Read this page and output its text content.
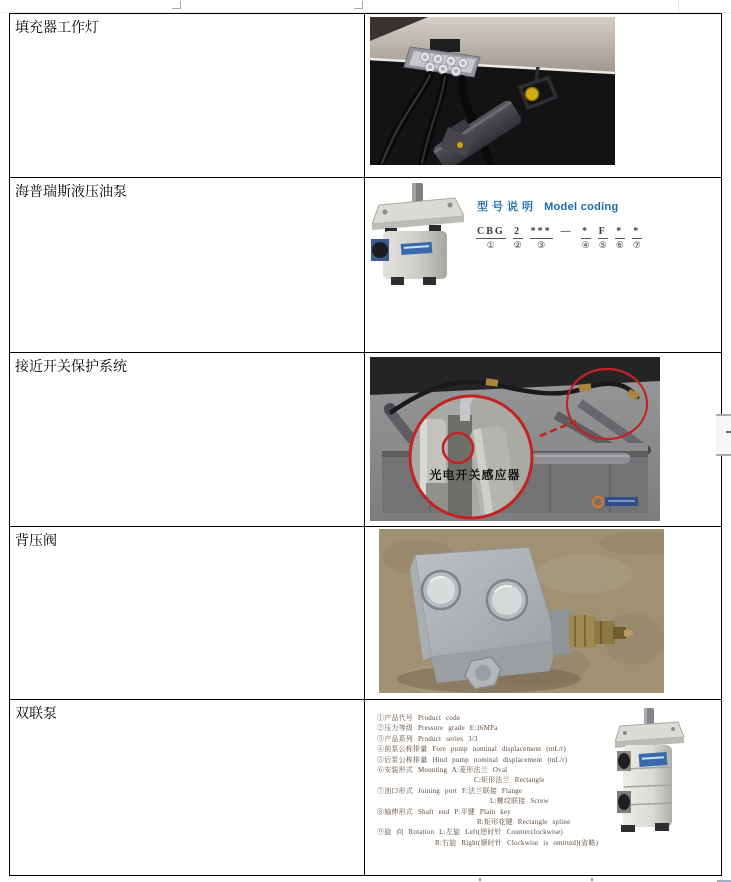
填充器工作灯
海普瑞斯液压油泵
型号说明 Model coding
CBG
①
2
②
***
③
— *
④
F
⑤
*
⑥
*
⑦
接近开关保护系统
光电开关感应器
背压阀
双联泵	①产品代号 Product code
②压力等级 Pressure grade E:16MPa
③产品系列 Product series 3/3
④前泵公称排量 Fore pump nominal displacement (mL/r)
⑤后泵公称排量 Hind pump nominal displacement (mL/r)
⑥安装形式 Mounting A:菱形法兰 Oval
C:矩形法兰 Rectangle
⑦油口形式 Joining port F:法兰联接 Flange
L:螺纹联接 Screw
⑧轴伸形式 Shaft end P:平键 Plain key
R:矩形花键 Rectangle spline
⑨旋 向 Rotation L:左旋 Left(逆时针 Counterclockwise)
R:右旋 Right(顺时针 Clockwise is omitted)(省略)
